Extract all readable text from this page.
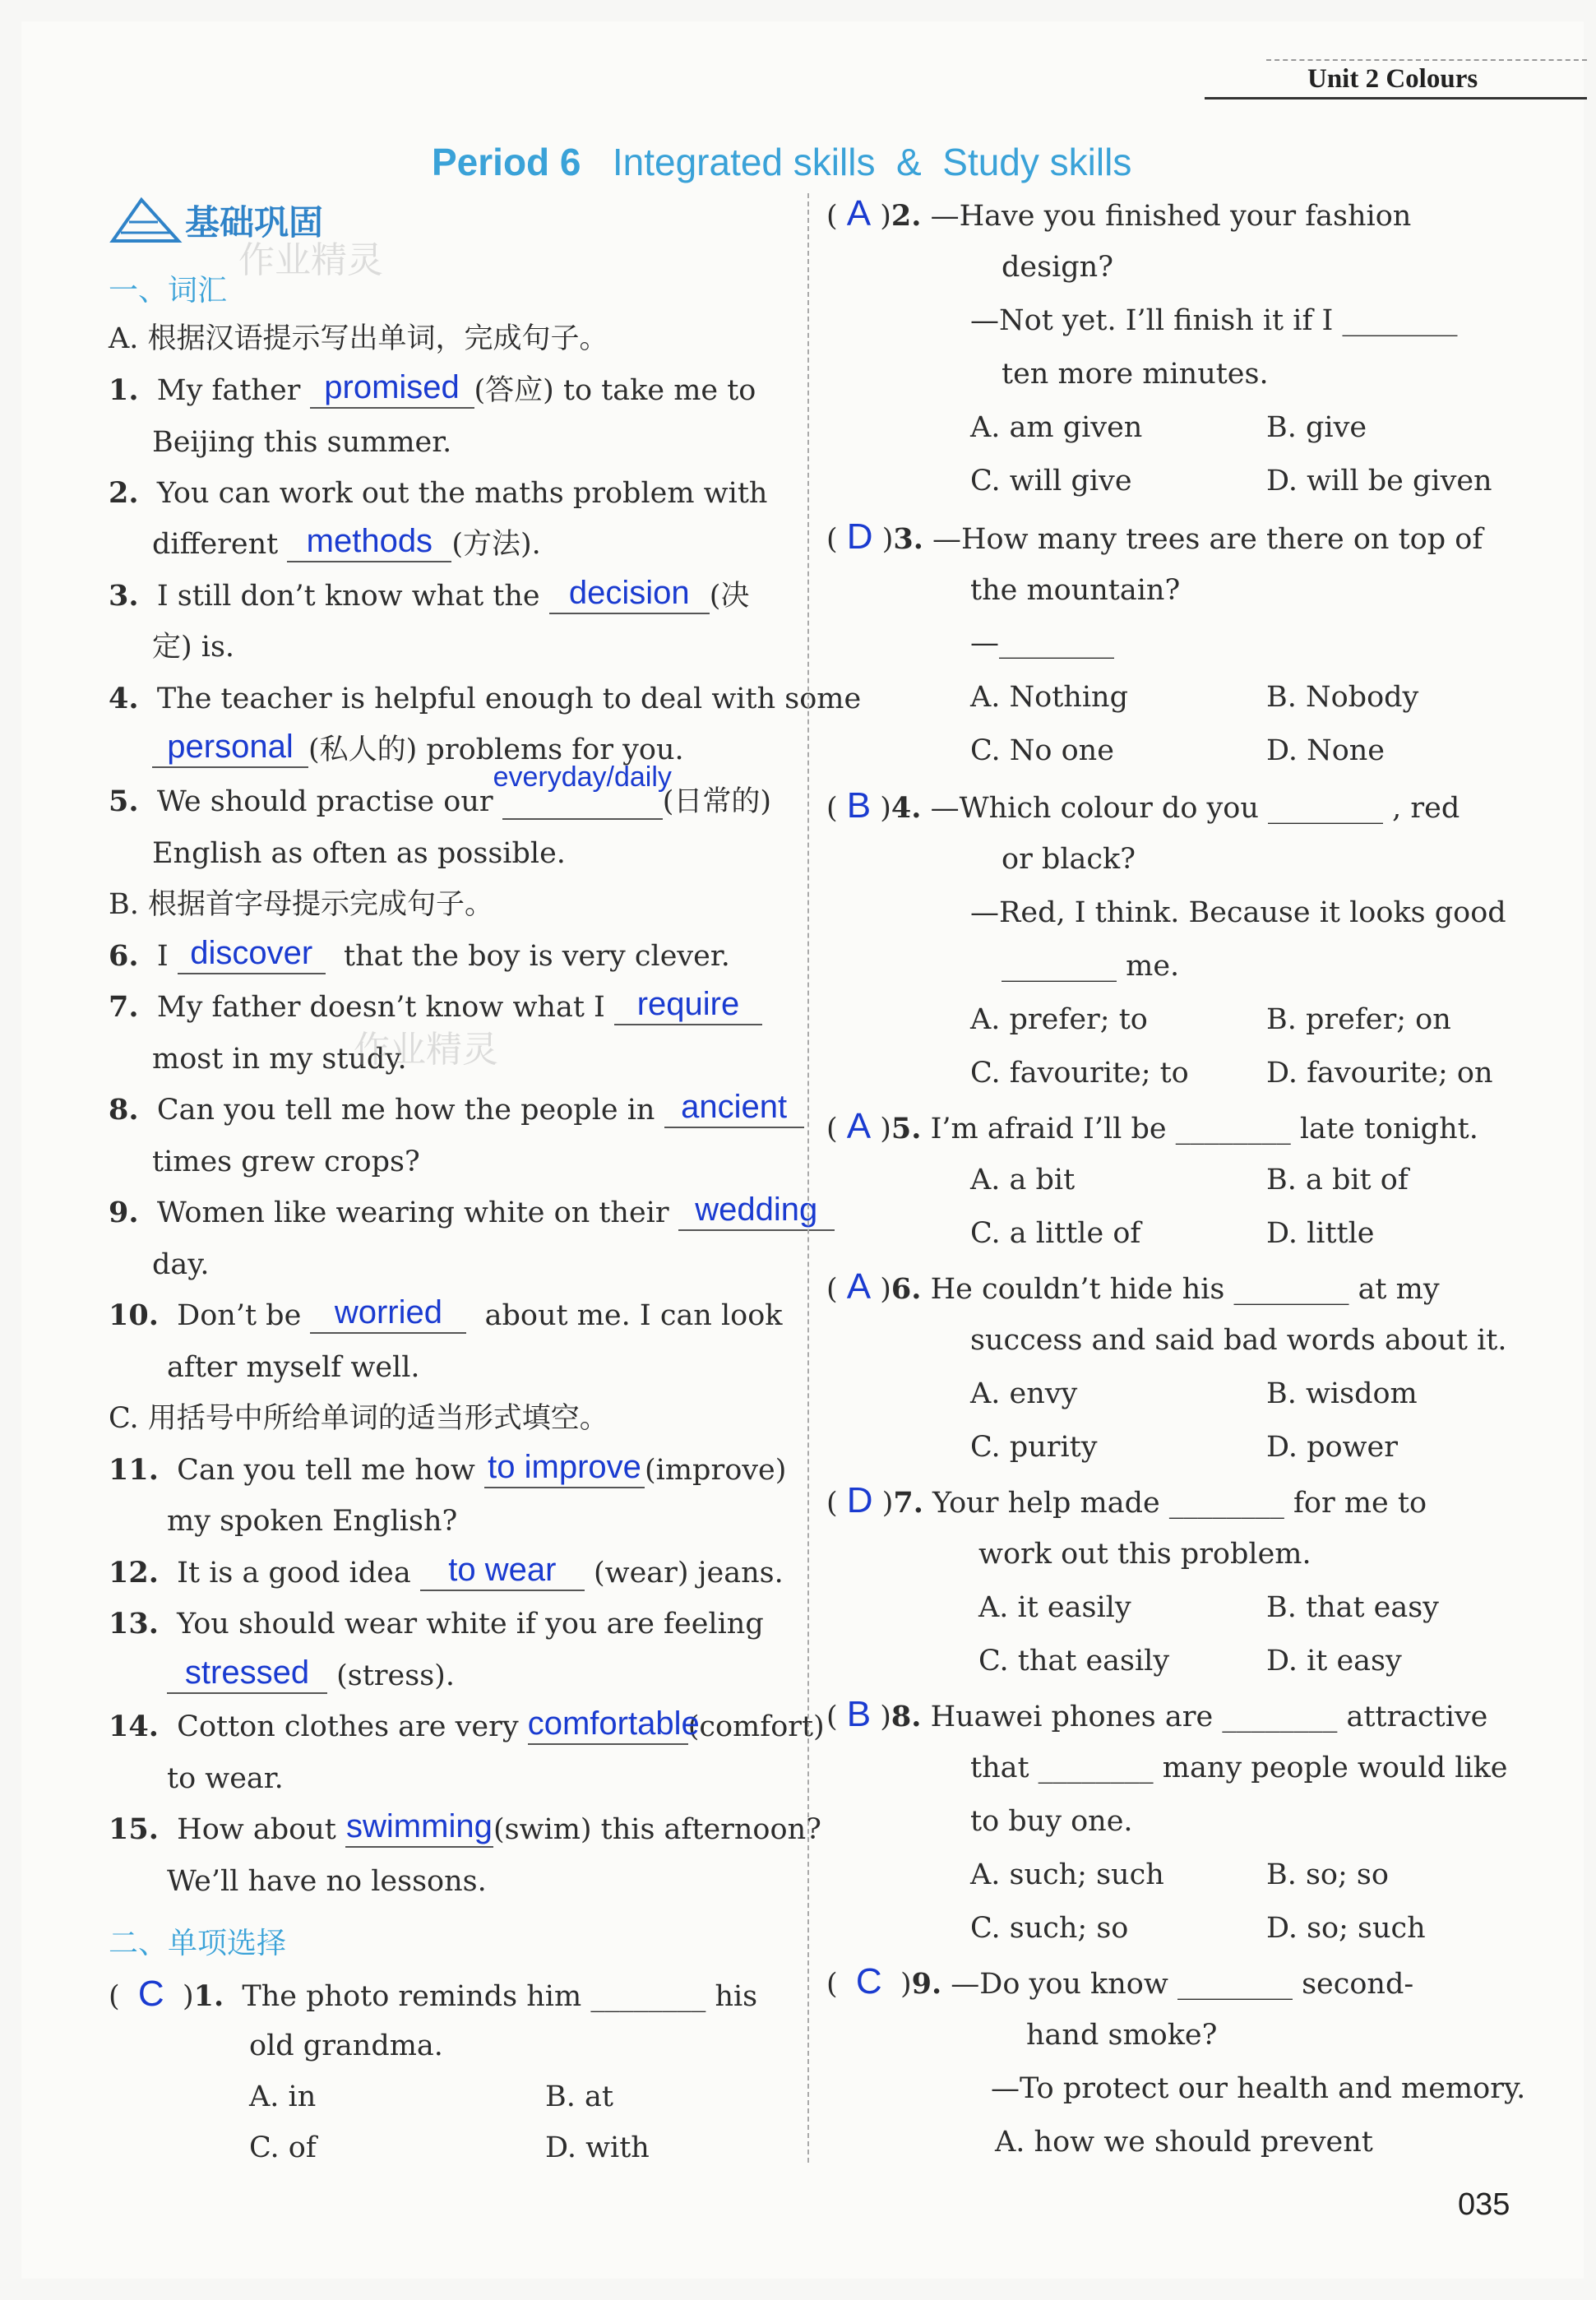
Unit 2 Colours
Period 6 Integrated skills  &  Study skills
基础巩固
作业精灵
一、词汇
A. 根据汉语提示写出单词，完成句子。
1.  My father promised (答应) to take me to
Beijing this summer.
2. You can work out the maths problem with
different methods (方法).
3. I still don’t know what the decision (决
定) is.
4. The teacher is helpful enough to deal with some
personal (私人的) problems for you.
5. We should practise our
everyday/daily
(日常的)
English as often as possible.
B. 根据首字母提示完成句子。
6. I discover that the boy is very clever.
7. My father doesn’t know what I require

most in my study.
作业精灵
8. Can you tell me how the people in ancient

times grew crops?
9. Women like wearing white on their wedding

day.
10. Don’t be worried about me. I can look
after myself well.
C. 用括号中所给单词的适当形式填空。
11. Can you tell me how to improve (improve)
my spoken English?
12. It is a good idea to wear (wear) jeans.
13. You should wear white if you are feeling
stressed (stress).
14. Cotton clothes are very comfortable
(comfort)
to wear.
15. How about swimming (swim) this afternoon?
We’ll have no lessons.
二、单项选择
(  C  )1. The photo reminds him ________ his
old grandma.
A. in	B. at
C. of	D. with
( A )2. —Have you finished your fashion
design?
—Not yet. I’ll finish it if I ________
ten more minutes.
A. am given	B. give
C. will give	D. will be given
( D )3. —How many trees are there on top of
the mountain?
—________
A. Nothing	B. Nobody
C. No one	D. None
( B )4. —Which colour do you ________ , red
or black?
—Red, I think. Because it looks good
________ me.
A. prefer; to	B. prefer; on
C. favourite; to	D. favourite; on
( A )5. I’m afraid I’ll be ________ late tonight.
A. a bit	B. a bit of
C. a little of	D. little
( A )6. He couldn’t hide his ________ at my
success and said bad words about it.
A. envy	B. wisdom
C. purity	D. power
( D )7. Your help made ________ for me to
work out this problem.
A. it easily	B. that easy
C. that easily	D. it easy
( B )8. Huawei phones are ________ attractive
that ________ many people would like
to buy one.
A. such; such	B. so; so
C. such; so	D. so; such
(  C  )9. —Do you know ________ second-
hand smoke?
—To protect our health and memory.
A. how we should prevent
035
